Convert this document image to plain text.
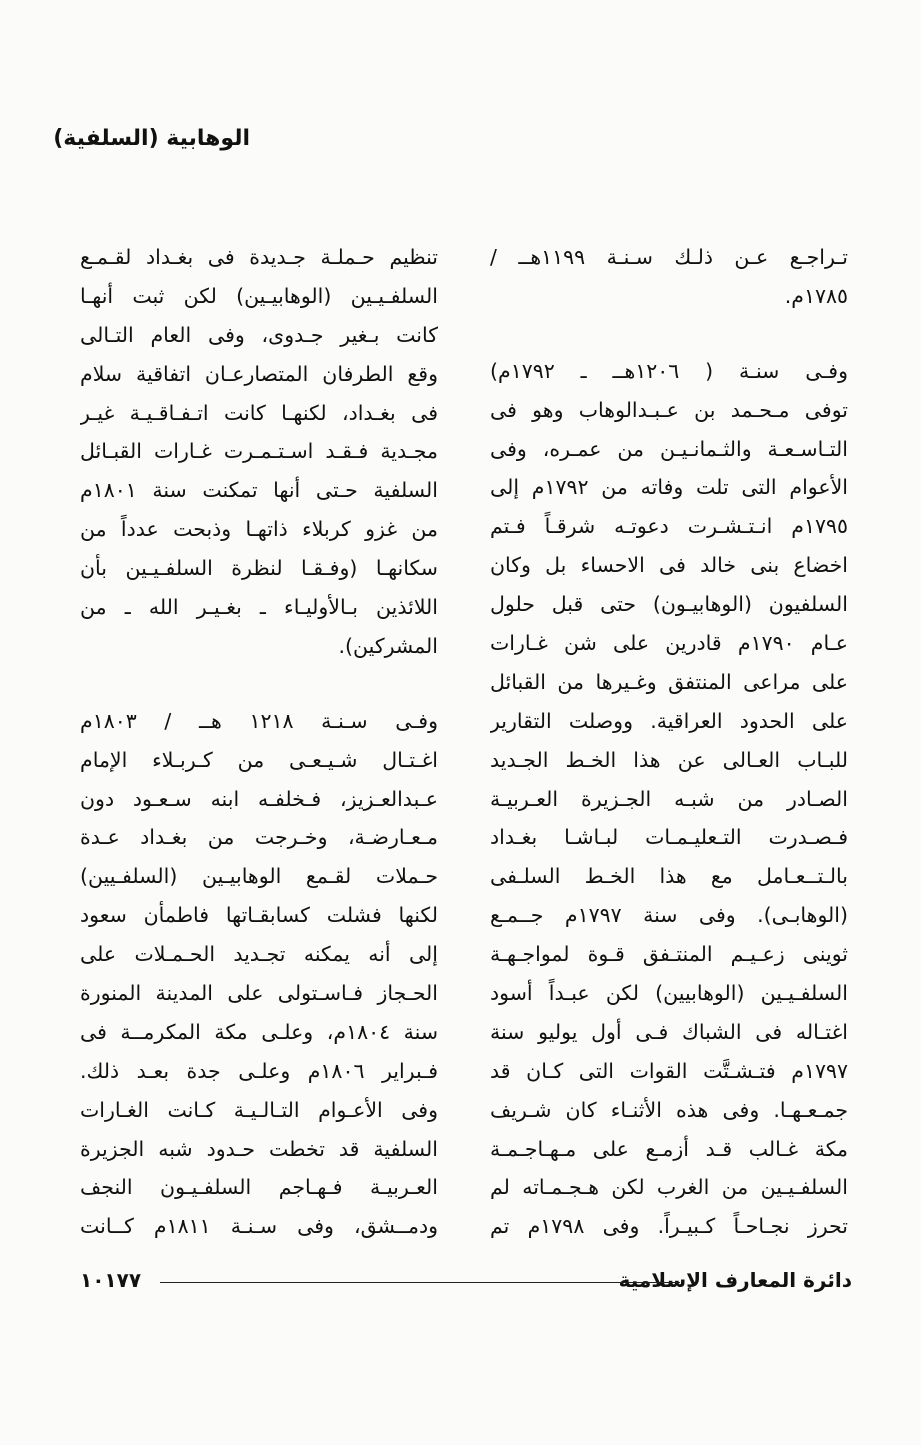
الوهابية (السلفية)
تـراجـع عـن ذلـك سـنـة ١١٩٩هــ /
١٧٨٥م.
وفـى سنـة ( ١٢٠٦هــ ـ ١٧٩٢م)
توفى مـحـمد بن عـبـدالوهاب وهو فى
التـاسـعـة والثـمانـيـن من عمـره، وفى
الأعوام التى تلت وفاته من ١٧٩٢م إلى
١٧٩٥م انـتـشـرت دعوتـه شرقـاً فـتم
اخضاع بنى خالد فى الاحساء بل وكان
السلفيون (الوهابيـون) حتى قبل حلول
عـام ١٧٩٠م قادرين على شن غـارات
على مراعى المنتفق وغـيرها من القبائل
على الحدود العراقية. ووصلت التقارير
للبـاب العـالى عن هذا الخـط الجـديد
الصـادر من شبـه الجـزيرة العـربيـة
فـصـدرت التـعليـمـات لبـاشـا بغـداد
بالـتــعـامل مع هذا الخـط السلـفى
(الوهابـى). وفى سنة ١٧٩٧م جــمـع
ثوينى زعـيـم المنتـفق قـوة لمواجـهـة
السلفـيـين (الوهابيين) لكن عبـداً أسود
اغتـاله فى الشباك فـى أول يوليو سنة
١٧٩٧م فتـشـتَّت القوات التى كـان قد
جمـعـهـا. وفى هذه الأثنـاء كان شـريف
مكة غـالب قـد أزمـع على مـهـاجـمـة
السلفـيـين من الغرب لكن هـجـمـاته لم
تحرز نجـاحـاً كـبيـراً. وفى ١٧٩٨م تم
تنظيم حـملـة جـديدة فى بغـداد لقـمـع
السلفـيـين (الوهابيـين) لكن ثبت أنهـا
كانت بـغير جـدوى، وفى العام التـالى
وقع الطرفان المتصارعـان اتفاقية سلام
فى بغـداد، لكنهـا كانت اتـفـاقـيـة غيـر
مجـدية فـقـد اسـتـمـرت غـارات القبـائل
السلفية حـتى أنها تمكنت سنة ١٨٠١م
من غزو كربلاء ذاتهـا وذبحت عدداً من
سكانهـا (وفـقـا لنظرة السلفـيـين بأن
اللائذين بـالأوليـاء ـ بغـيـر الله ـ من
المشركين).
وفـى سـنـة ١٢١٨ هــ / ١٨٠٣م
اغـتـال شـيـعـى من كـربـلاء الإمام
عـبدالعـزيز، فـخلفـه ابنه سـعـود دون
مـعـارضـة، وخـرجت من بغـداد عـدة
حـملات لقـمع الوهابيـين (السلفـيين)
لكنها فشلت كسابقـاتها فاطمأن سعود
إلى أنه يمكنه تجـديد الحـمـلات على
الحـجاز فـاسـتولى على المدينة المنورة
سنة ١٨٠٤م، وعلـى مكة المكرمــة فى
فـبراير ١٨٠٦م وعلـى جدة بعـد ذلك.
وفى الأعـوام التـالـيـة كـانت الغـارات
السلفية قد تخطت حـدود شبه الجزيرة
العـربيـة فـهـاجم السلفـيـون النجف
ودمــشق، وفى سـنـة ١٨١١م كــانت
دائرة المعارف الإسلامية
١٠١٧٧
